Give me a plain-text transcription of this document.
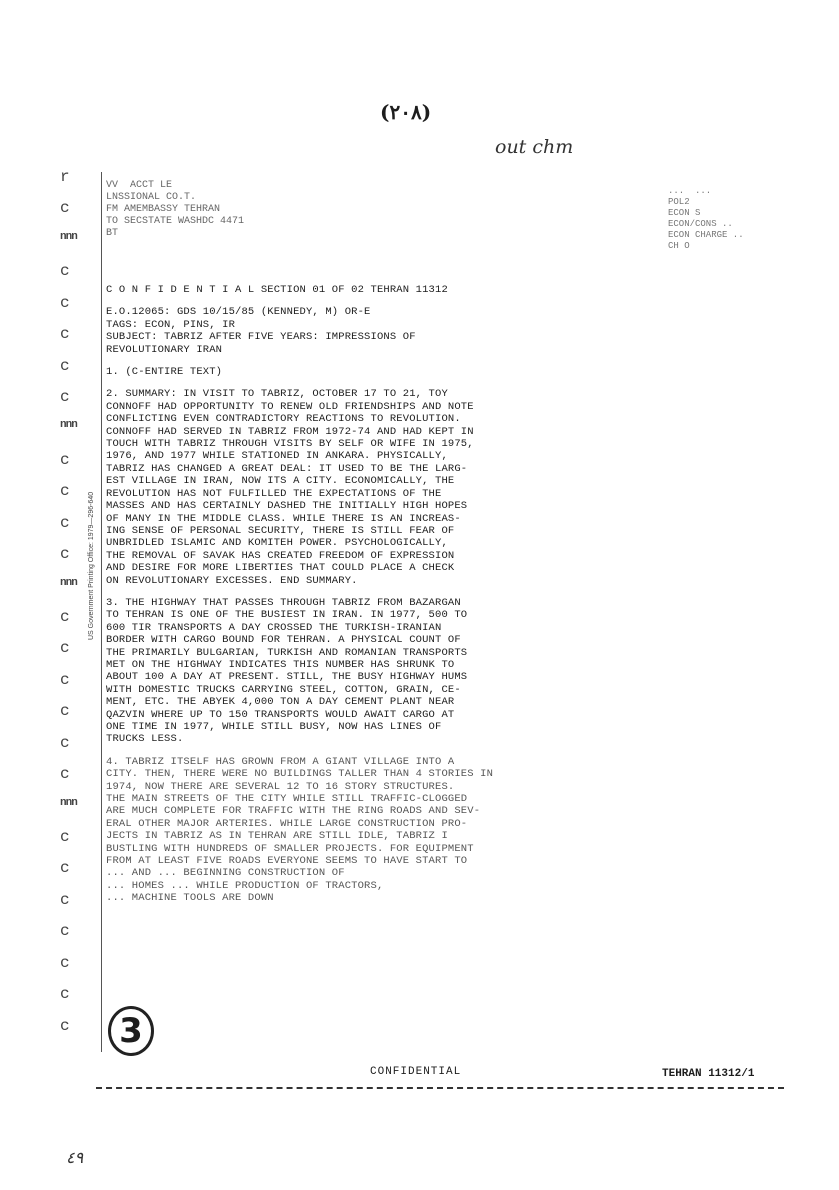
(٢٠٨)
out chm
r
c
nnn
c
c
c
c
c
nnn
c
c
c
c
nnn
c
c
c
c
c
c
nnn
c
c
c
c
c
c
c
US Government Printing Office: 1979—296-640
VV  ACCT LE
LNSSIONAL CO.T.
FM AMEMBASSY TEHRAN
TO SECSTATE WASHDC 4471
BT
...  ...
POL2
ECON S
ECON/CONS ..
ECON CHARGE ..
CH O
C O N F I D E N T I A L SECTION 01 OF 02 TEHRAN 11312
E.O.12065: GDS 10/15/85 (KENNEDY, M) OR-E
TAGS: ECON, PINS, IR
SUBJECT: TABRIZ AFTER FIVE YEARS: IMPRESSIONS OF
REVOLUTIONARY IRAN
1. (C-ENTIRE TEXT)
2. SUMMARY: IN VISIT TO TABRIZ, OCTOBER 17 TO 21, TOY
CONNOFF HAD OPPORTUNITY TO RENEW OLD FRIENDSHIPS AND NOTE
CONFLICTING EVEN CONTRADICTORY REACTIONS TO REVOLUTION.
CONNOFF HAD SERVED IN TABRIZ FROM 1972-74 AND HAD KEPT IN
TOUCH WITH TABRIZ THROUGH VISITS BY SELF OR WIFE IN 1975,
1976, AND 1977 WHILE STATIONED IN ANKARA. PHYSICALLY,
TABRIZ HAS CHANGED A GREAT DEAL: IT USED TO BE THE LARG-
EST VILLAGE IN IRAN, NOW ITS A CITY. ECONOMICALLY, THE
REVOLUTION HAS NOT FULFILLED THE EXPECTATIONS OF THE
MASSES AND HAS CERTAINLY DASHED THE INITIALLY HIGH HOPES
OF MANY IN THE MIDDLE CLASS. WHILE THERE IS AN INCREAS-
ING SENSE OF PERSONAL SECURITY, THERE IS STILL FEAR OF
UNBRIDLED ISLAMIC AND KOMITEH POWER. PSYCHOLOGICALLY,
THE REMOVAL OF SAVAK HAS CREATED FREEDOM OF EXPRESSION
AND DESIRE FOR MORE LIBERTIES THAT COULD PLACE A CHECK
ON REVOLUTIONARY EXCESSES. END SUMMARY.
3. THE HIGHWAY THAT PASSES THROUGH TABRIZ FROM BAZARGAN
TO TEHRAN IS ONE OF THE BUSIEST IN IRAN. IN 1977, 500 TO
600 TIR TRANSPORTS A DAY CROSSED THE TURKISH-IRANIAN
BORDER WITH CARGO BOUND FOR TEHRAN. A PHYSICAL COUNT OF
THE PRIMARILY BULGARIAN, TURKISH AND ROMANIAN TRANSPORTS
MET ON THE HIGHWAY INDICATES THIS NUMBER HAS SHRUNK TO
ABOUT 100 A DAY AT PRESENT. STILL, THE BUSY HIGHWAY HUMS
WITH DOMESTIC TRUCKS CARRYING STEEL, COTTON, GRAIN, CE-
MENT, ETC. THE ABYEK 4,000 TON A DAY CEMENT PLANT NEAR
QAZVIN WHERE UP TO 150 TRANSPORTS WOULD AWAIT CARGO AT
ONE TIME IN 1977, WHILE STILL BUSY, NOW HAS LINES OF
TRUCKS LESS.
4. TABRIZ ITSELF HAS GROWN FROM A GIANT VILLAGE INTO A
CITY. THEN, THERE WERE NO BUILDINGS TALLER THAN 4 STORIES IN
1974, NOW THERE ARE SEVERAL 12 TO 16 STORY STRUCTURES.
THE MAIN STREETS OF THE CITY WHILE STILL TRAFFIC-CLOGGED
ARE MUCH COMPLETE FOR TRAFFIC WITH THE RING ROADS AND SEV-
ERAL OTHER MAJOR ARTERIES. WHILE LARGE CONSTRUCTION PRO-
JECTS IN TABRIZ AS IN TEHRAN ARE STILL IDLE, TABRIZ I
BUSTLING WITH HUNDREDS OF SMALLER PROJECTS. FOR EQUIPMENT
FROM AT LEAST FIVE ROADS EVERYONE SEEMS TO HAVE START TO
... AND ... BEGINNING CONSTRUCTION OF
... HOMES ... WHILE PRODUCTION OF TRACTORS,
... MACHINE TOOLS ARE DOWN
3
CONFIDENTIAL	TEHRAN 11312/1
٤٩
